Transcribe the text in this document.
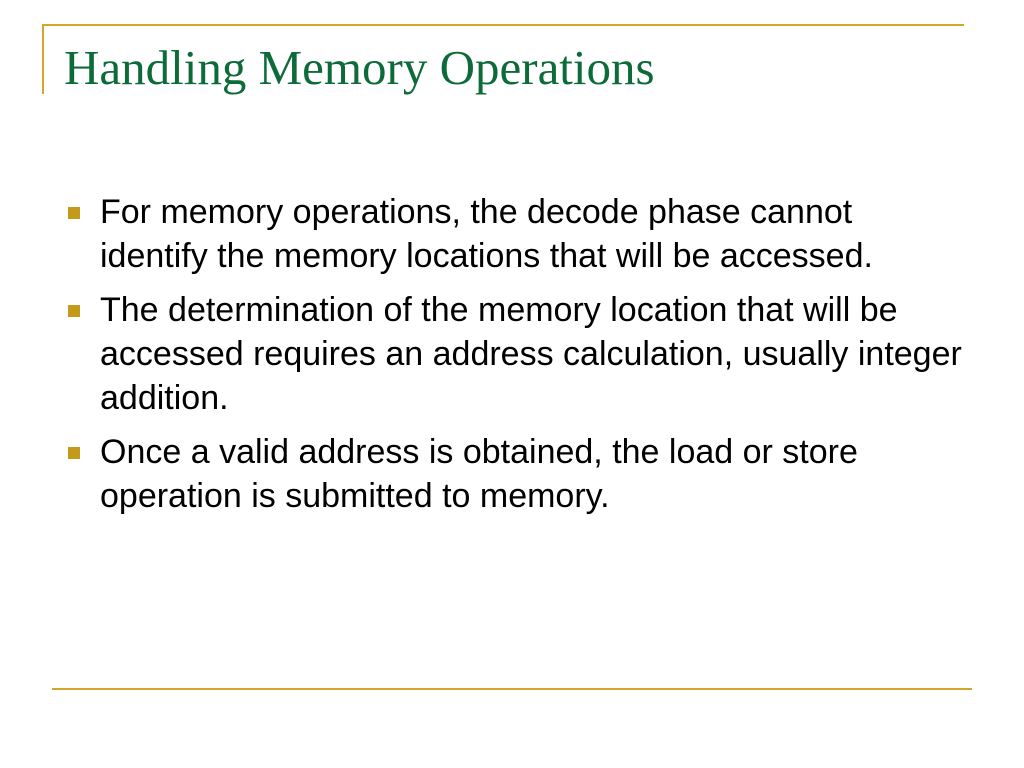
Handling Memory Operations
For memory operations, the decode phase cannot identify the memory locations that will be accessed.
The determination of the memory location that will be accessed requires an address calculation, usually integer addition.
Once a valid address is obtained, the load or store operation is submitted to memory.
